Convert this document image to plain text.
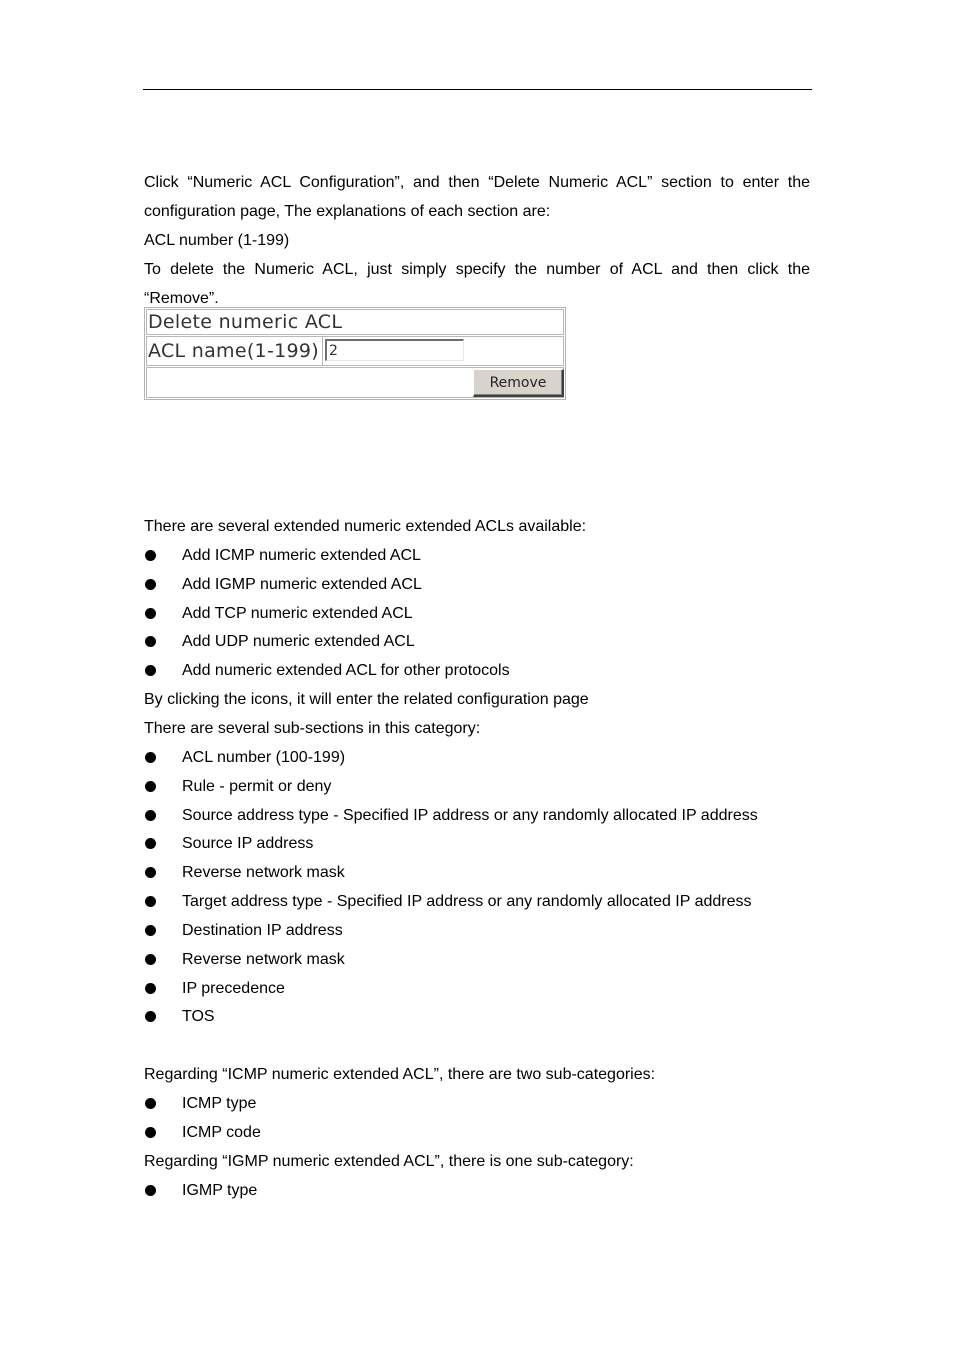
Click “Numeric ACL Configuration”, and then “Delete Numeric ACL” section to enter the
configuration page, The explanations of each section are:
ACL number (1-199)
To delete the Numeric ACL, just simply specify the number of ACL and then click the
“Remove”.
Delete numeric ACL
ACL name(1-199)
2
Remove
There are several extended numeric extended ACLs available:
Add ICMP numeric extended ACL
Add IGMP numeric extended ACL
Add TCP numeric extended ACL
Add UDP numeric extended ACL
Add numeric extended ACL for other protocols
By clicking the icons, it will enter the related configuration page
There are several sub-sections in this category:
ACL number (100-199)
Rule - permit or deny
Source address type - Specified IP address or any randomly allocated IP address
Source IP address
Reverse network mask
Target address type - Specified IP address or any randomly allocated IP address
Destination IP address
Reverse network mask
IP precedence
TOS
Regarding “ICMP numeric extended ACL”, there are two sub-categories:
ICMP type
ICMP code
Regarding “IGMP numeric extended ACL”, there is one sub-category:
IGMP type
